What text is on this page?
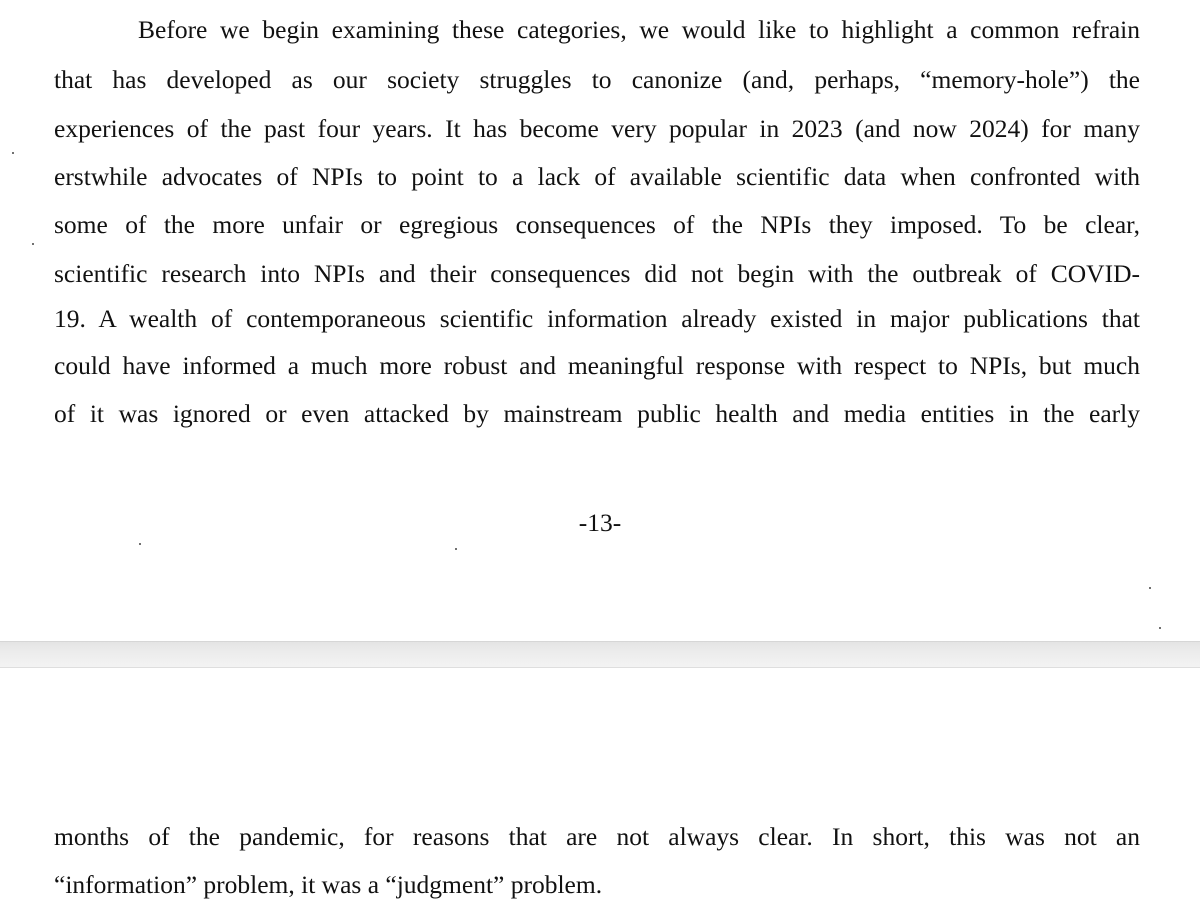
Before we begin examining these categories, we would like to highlight a common refrain
that has developed as our society struggles to canonize (and, perhaps, “memory-hole”) the
experiences of the past four years. It has become very popular in 2023 (and now 2024) for many
erstwhile advocates of NPIs to point to a lack of available scientific data when confronted with
some of the more unfair or egregious consequences of the NPIs they imposed. To be clear,
scientific research into NPIs and their consequences did not begin with the outbreak of COVID-
19. A wealth of contemporaneous scientific information already existed in major publications that
could have informed a much more robust and meaningful response with respect to NPIs, but much
of it was ignored or even attacked by mainstream public health and media entities in the early
-13-
months of the pandemic, for reasons that are not always clear. In short, this was not an
“information” problem, it was a “judgment” problem.
